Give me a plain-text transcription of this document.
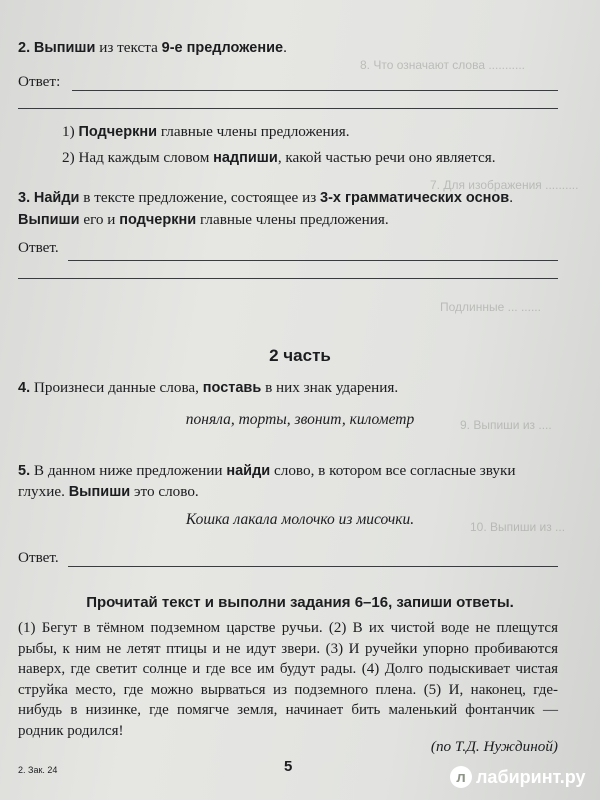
8. Что означают слова ...........
7. Для изображения ..........
Подлинные ... ......
9. Выпиши из ....
10. Выпиши из ...
2. Выпиши из текста 9-е предложение.
Ответ:
1) Подчеркни главные члены предложения.
2) Над каждым словом надпиши, какой частью речи оно является.
3. Найди в тексте предложение, состоящее из 3-х грамматических основ.
Выпиши его и подчеркни главные члены предложения.
Ответ.
2 часть
4. Произнеси данные слова, поставь в них знак ударения.
поняла, торты, звонит, километр
5. В данном ниже предложении найди слово, в котором все согласные звуки
глухие. Выпиши это слово.
Кошка лакала молочко из мисочки.
Ответ.
Прочитай текст и выполни задания 6–16, запиши ответы.
(1) Бегут в тёмном подземном царстве ручьи. (2) В их чистой воде не плещутся
рыбы, к ним не летят птицы и не идут звери. (3) И ручейки упорно пробиваются
наверх, где светит солнце и где все им будут рады. (4) Долго подыскивает чистая
струйка место, где можно вырваться из подземного плена. (5) И, наконец, где-
нибудь в низинке, где помягче земля, начинает бить маленький фонтанчик —
родник родился!
(по Т.Д. Нуждиной)
2. Зак. 24	5
л лабиринт.ру
